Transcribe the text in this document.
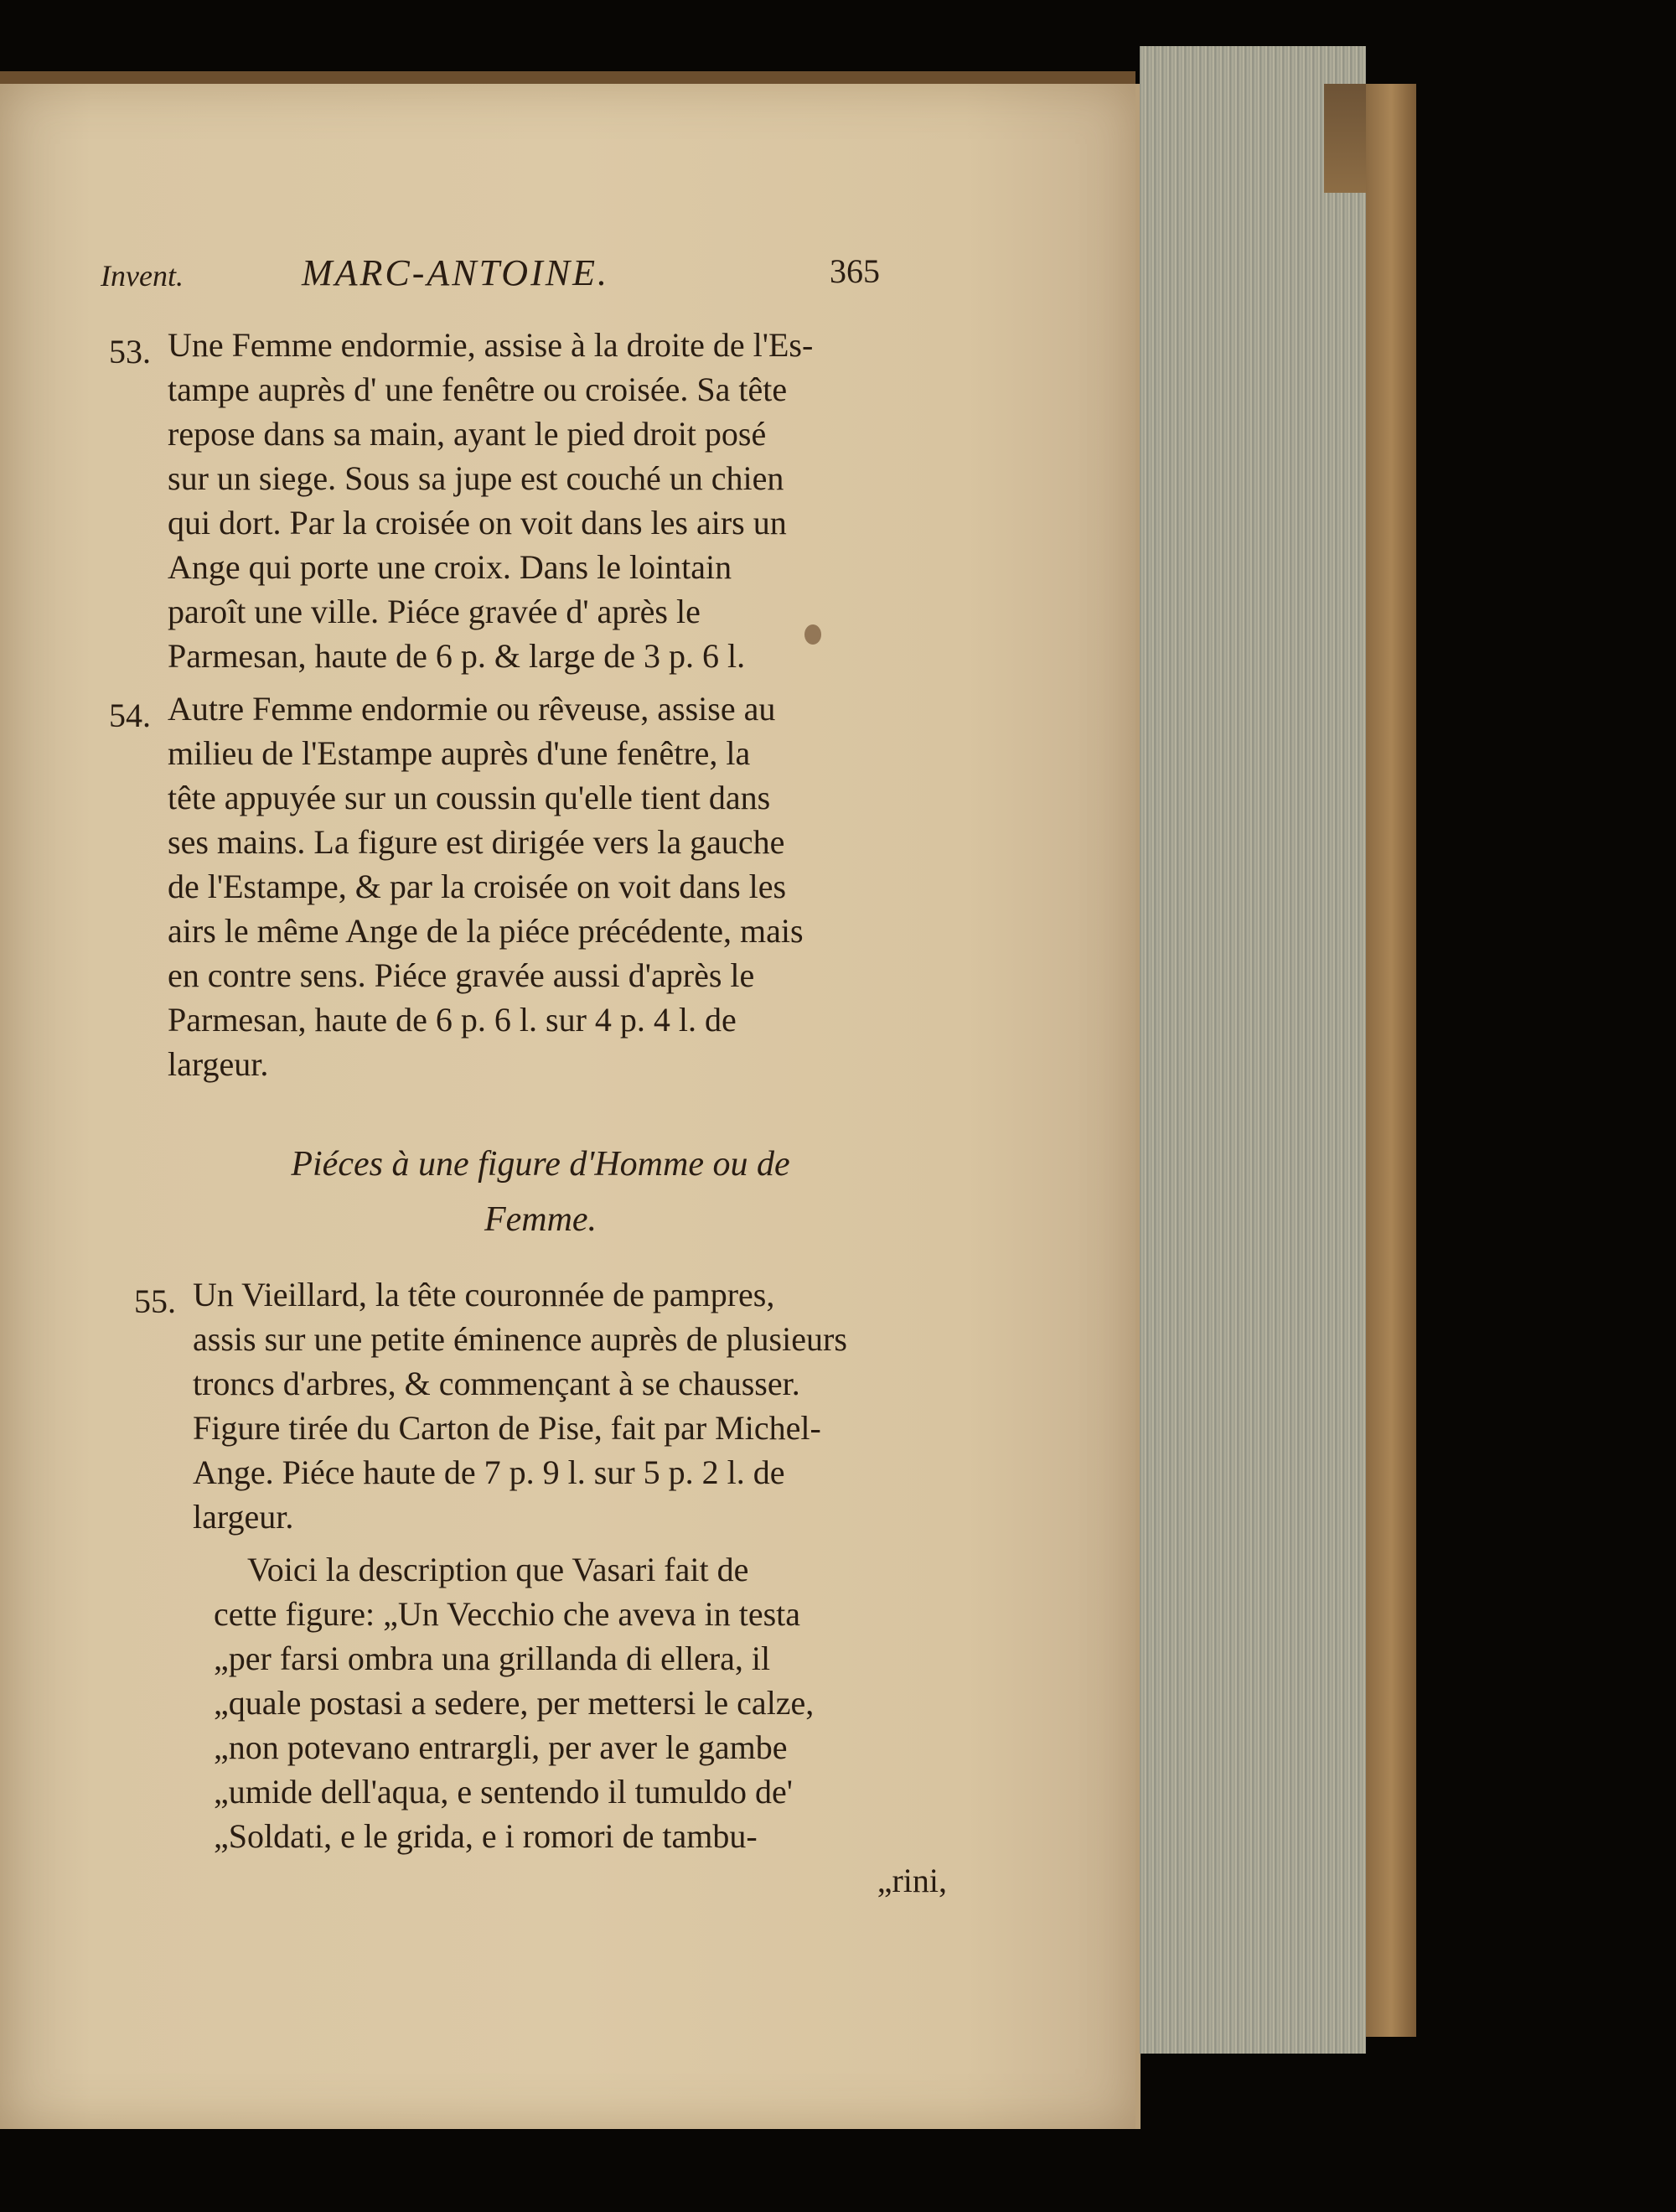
Invent.	MARC-ANTOINE.	365
53. Une Femme endormie, assise à la droite de l'Es-
tampe auprès d' une fenêtre ou croisée. Sa tête
repose dans sa main, ayant le pied droit posé
sur un siege. Sous sa jupe est couché un chien
qui dort. Par la croisée on voit dans les airs un
Ange qui porte une croix. Dans le lointain
paroît une ville. Piéce gravée d' après le
Parmesan, haute de 6 p. & large de 3 p. 6 l.
54. Autre Femme endormie ou rêveuse, assise au
milieu de l'Estampe auprès d'une fenêtre, la
tête appuyée sur un coussin qu'elle tient dans
ses mains. La figure est dirigée vers la gauche
de l'Estampe, & par la croisée on voit dans les
airs le même Ange de la piéce précédente, mais
en contre sens. Piéce gravée aussi d'après le
Parmesan, haute de 6 p. 6 l. sur 4 p. 4 l. de
largeur.
Piéces à une figure d'Homme ou de
Femme.
55. Un Vieillard, la tête couronnée de pampres,
assis sur une petite éminence auprès de plusieurs
troncs d'arbres, & commençant à se chausser.
Figure tirée du Carton de Pise, fait par Michel-
Ange. Piéce haute de 7 p. 9 l. sur 5 p. 2 l. de
largeur.
Voici la description que Vasari fait de
cette figure: „Un Vecchio che aveva in testa
„per farsi ombra una grillanda di ellera, il
„quale postasi a sedere, per mettersi le calze,
„non potevano entrargli, per aver le gambe
„umide dell'aqua, e sentendo il tumuldo de'
„Soldati, e le grida, e i romori de tambu-
„rini,
